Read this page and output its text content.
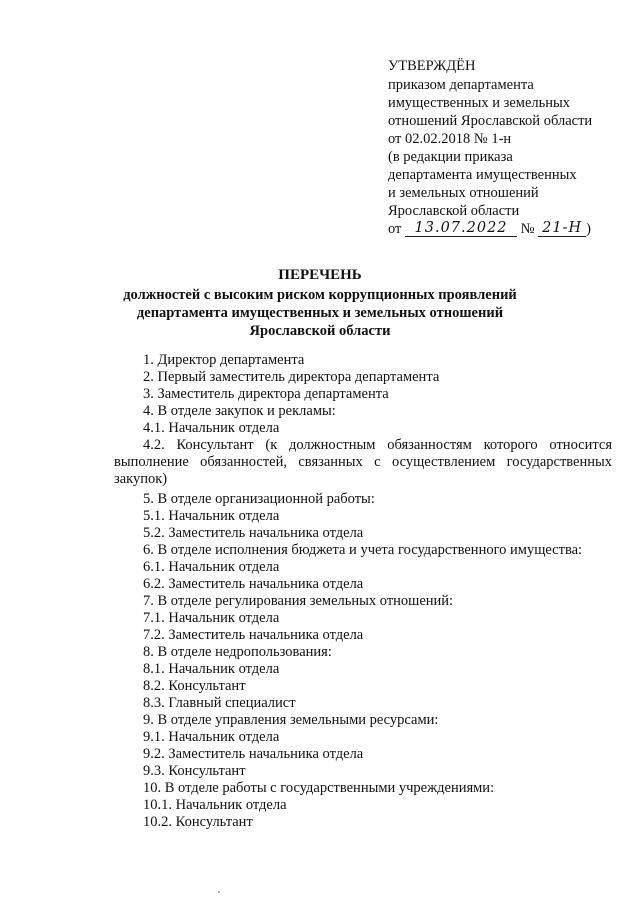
УТВЕРЖДЁН
приказом департамента
имущественных и земельных
отношений Ярославской области
от 02.02.2018 № 1-н
(в редакции приказа
департамента имущественных
и земельных отношений
Ярославской области
от 13.07.2022 № 21-Н )
ПЕРЕЧЕНЬ
должностей с высоким риском коррупционных проявлений
департамента имущественных и земельных отношений
Ярославской области
1. Директор департамента
2. Первый заместитель директора департамента
3. Заместитель директора департамента
4. В отделе закупок и рекламы:
4.1. Начальник отдела
4.2. Консультант (к должностным обязанностям которого относится
выполнение обязанностей, связанных с осуществлением государственных закупок)
5. В отделе организационной работы:
5.1. Начальник отдела
5.2. Заместитель начальника отдела
6. В отделе исполнения бюджета и учета государственного имущества:
6.1. Начальник отдела
6.2. Заместитель начальника отдела
7. В отделе регулирования земельных отношений:
7.1. Начальник отдела
7.2. Заместитель начальника отдела
8. В отделе недропользования:
8.1. Начальник отдела
8.2. Консультант
8.3. Главный специалист
9. В отделе управления земельными ресурсами:
9.1. Начальник отдела
9.2. Заместитель начальника отдела
9.3. Консультант
10. В отделе работы с государственными учреждениями:
10.1. Начальник отдела
10.2. Консультант
